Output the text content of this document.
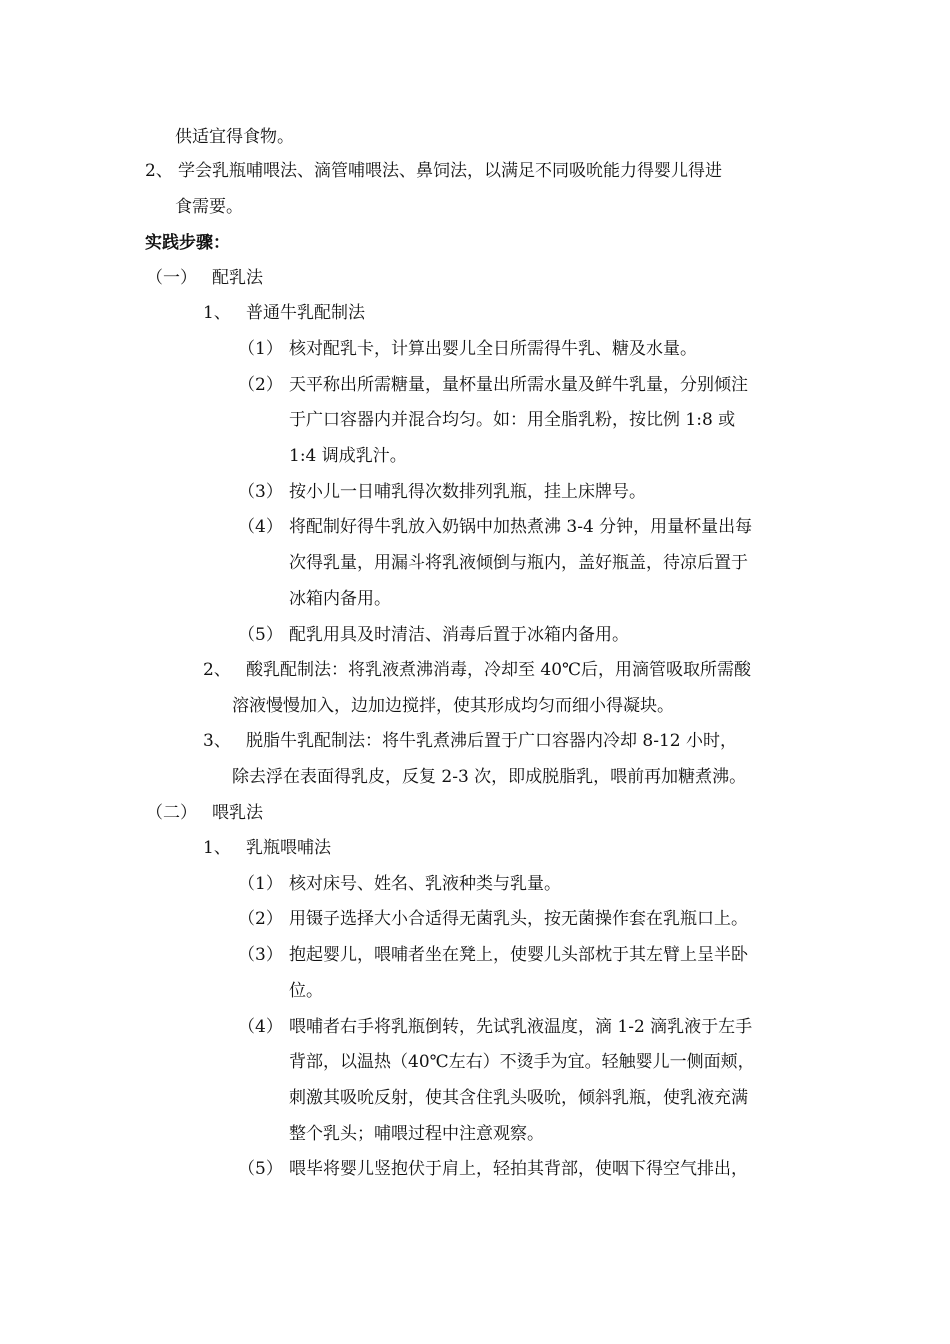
供适宜得食物。
2、 学会乳瓶哺喂法、滴管哺喂法、鼻饲法，以满足不同吸吮能力得婴儿得进
食需要。
实践步骤：
（一） 配乳法
1、 普通牛乳配制法
（1） 核对配乳卡，计算出婴儿全日所需得牛乳、糖及水量。
（2） 天平称出所需糖量，量杯量出所需水量及鲜牛乳量，分别倾注
于广口容器内并混合均匀。如：用全脂乳粉，按比例 1:8 或
1:4 调成乳汁。
（3） 按小儿一日哺乳得次数排列乳瓶，挂上床牌号。
（4） 将配制好得牛乳放入奶锅中加热煮沸 3-4 分钟，用量杯量出每
次得乳量，用漏斗将乳液倾倒与瓶内，盖好瓶盖，待凉后置于
冰箱内备用。
（5） 配乳用具及时清洁、消毒后置于冰箱内备用。
2、 酸乳配制法：将乳液煮沸消毒，冷却至 40℃后，用滴管吸取所需酸
溶液慢慢加入，边加边搅拌，使其形成均匀而细小得凝块。
3、 脱脂牛乳配制法：将牛乳煮沸后置于广口容器内冷却 8-12 小时，
除去浮在表面得乳皮，反复 2-3 次，即成脱脂乳，喂前再加糖煮沸。
（二） 喂乳法
1、 乳瓶喂哺法
（1） 核对床号、姓名、乳液种类与乳量。
（2） 用镊子选择大小合适得无菌乳头，按无菌操作套在乳瓶口上。
（3） 抱起婴儿，喂哺者坐在凳上，使婴儿头部枕于其左臂上呈半卧
位。
（4） 喂哺者右手将乳瓶倒转，先试乳液温度，滴 1-2 滴乳液于左手
背部，以温热（40℃左右）不烫手为宜。轻触婴儿一侧面颊，
刺激其吸吮反射，使其含住乳头吸吮，倾斜乳瓶，使乳液充满
整个乳头；哺喂过程中注意观察。
（5） 喂毕将婴儿竖抱伏于肩上，轻拍其背部，使咽下得空气排出，
